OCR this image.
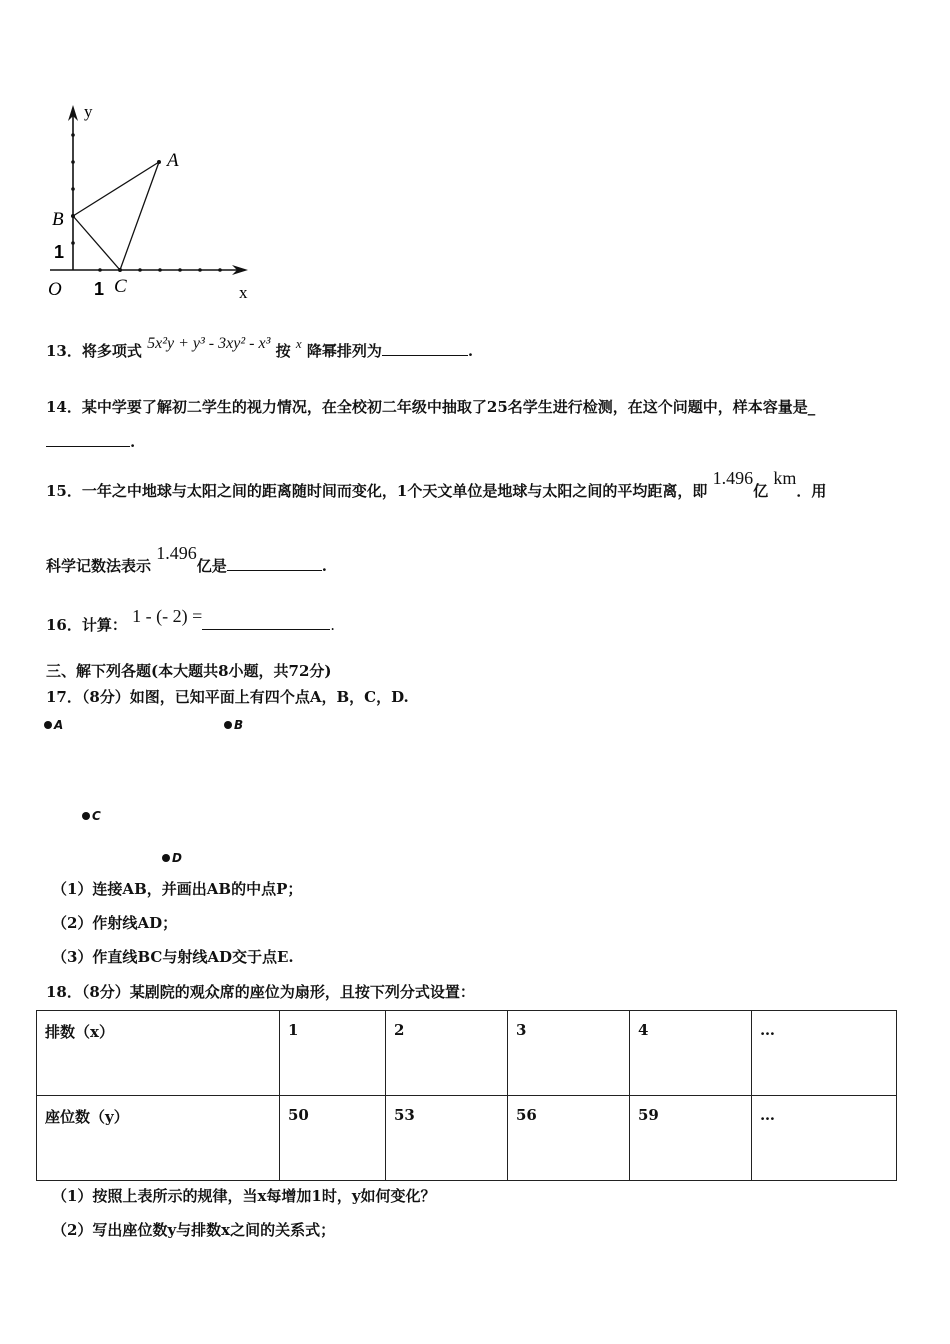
y
x
O 1
1
A
B
C
13．将多项式 5x²y + y³ - 3xy² - x³ 按 x 降幂排列为	.
14．某中学要了解初二学生的视力情况，在全校初二年级中抽取了25名学生进行检测，在这个问题中，样本容量是_
.
15．一年之中地球与太阳之间的距离随时间而变化，1个天文单位是地球与太阳之间的平均距离，即 1.496亿 km．用
科学记数法表示 1.496亿是	.
16．计算： 1 - (- 2) =	.
三、解下列各题(本大题共8小题，共72分)
17．（8分）如图，已知平面上有四个点A，B，C，D.
A	B
C
D
（1）连接AB，并画出AB的中点P；
（2）作射线AD；
（3）作直线BC与射线AD交于点E.
18．（8分）某剧院的观众席的座位为扇形，且按下列分式设置：
排数（x）	1	2	3	4	…
座位数（y）	50	53	56	59	…
（1）按照上表所示的规律，当x每增加1时，y如何变化？
（2）写出座位数y与排数x之间的关系式；
